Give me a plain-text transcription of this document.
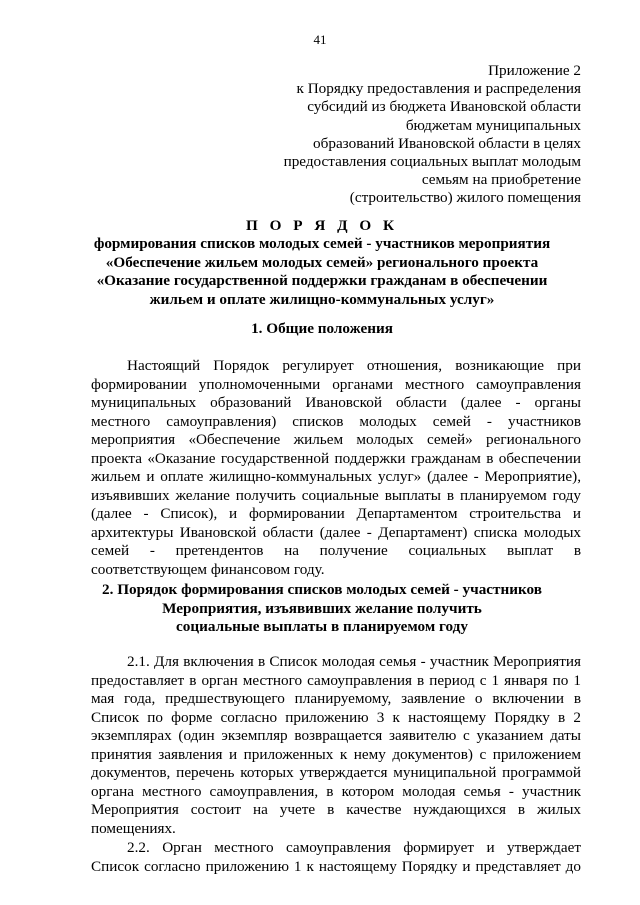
41
Приложение 2
к Порядку предоставления и распределения
субсидий из бюджета Ивановской области
бюджетам муниципальных
образований Ивановской области в целях
предоставления социальных выплат молодым
семьям на приобретение
(строительство) жилого помещения
П О Р Я Д О К
формирования списков молодых семей - участников мероприятия
«Обеспечение жильем молодых семей» регионального проекта
«Оказание государственной поддержки гражданам в обеспечении
жильем и оплате жилищно-коммунальных услуг»
1. Общие положения
Настоящий Порядок регулирует отношения, возникающие при
формировании уполномоченными органами местного самоуправления
муниципальных образований Ивановской области (далее - органы
местного самоуправления) списков молодых семей - участников
мероприятия «Обеспечение жильем молодых семей» регионального
проекта «Оказание государственной поддержки гражданам в обеспечении
жильем и оплате жилищно-коммунальных услуг» (далее - Мероприятие),
изъявивших желание получить социальные выплаты в планируемом году
(далее - Список), и формировании Департаментом строительства и
архитектуры Ивановской области (далее - Департамент) списка молодых
семей - претендентов на получение социальных выплат в
соответствующем финансовом году.
2. Порядок формирования списков молодых семей - участников
Мероприятия, изъявивших желание получить
социальные выплаты в планируемом году
2.1. Для включения в Список молодая семья - участник Мероприятия
предоставляет в орган местного самоуправления в период с 1 января по 1
мая года, предшествующего планируемому, заявление о включении в
Список по форме согласно приложению 3 к настоящему Порядку в 2
экземплярах (один экземпляр возвращается заявителю с указанием даты
принятия заявления и приложенных к нему документов) с приложением
документов, перечень которых утверждается муниципальной программой
органа местного самоуправления, в котором молодая семья - участник
Мероприятия состоит на учете в качестве нуждающихся в жилых
помещениях.
2.2. Орган местного самоуправления формирует и утверждает
Список согласно приложению 1 к настоящему Порядку и представляет до
